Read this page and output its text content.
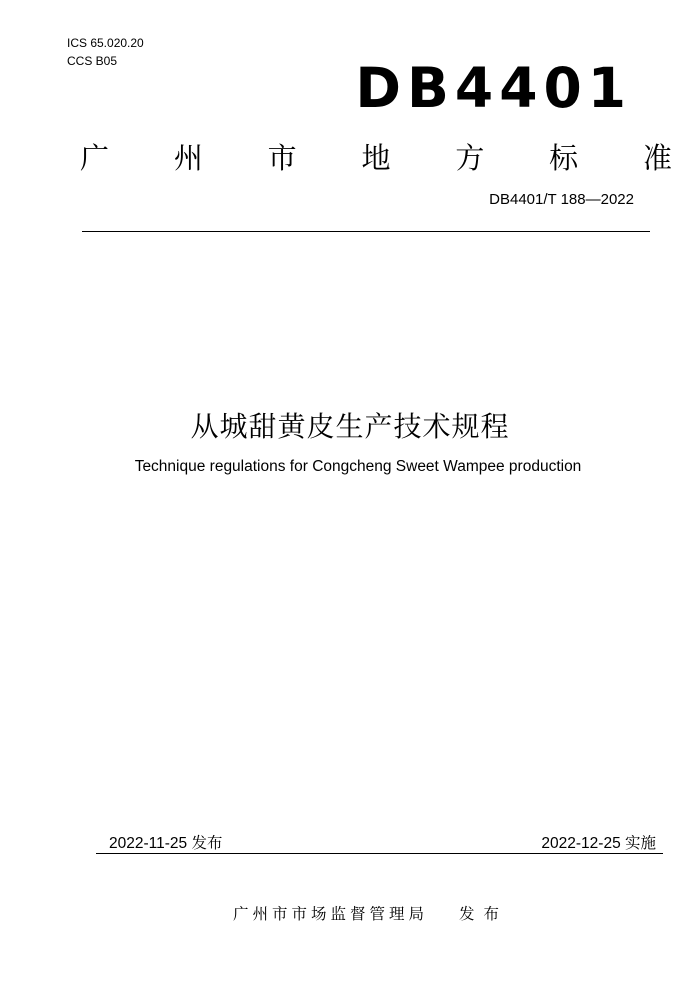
ICS 65.020.20
CCS B05	DB4401
广 州 市 地 方 标 准
DB4401/T 188—2022
从城甜黄皮生产技术规程
Technique regulations for Congcheng Sweet Wampee production
2022-11-25 发布	2022-12-25 实施
广州市市场监督管理局 发布
